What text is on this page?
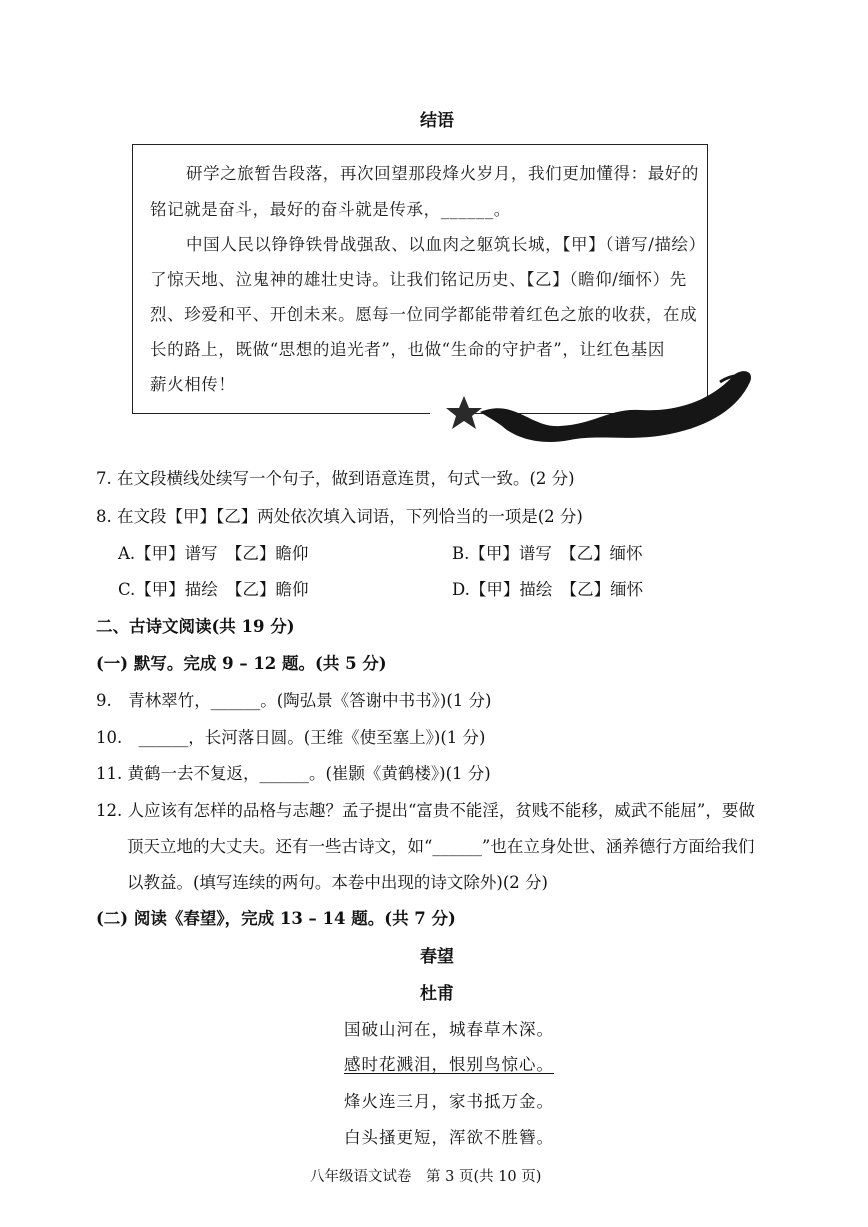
结语
研学之旅暂告段落，再次回望那段烽火岁月，我们更加懂得：最好的
铭记就是奋斗，最好的奋斗就是传承，______。
中国人民以铮铮铁骨战强敌、以血肉之躯筑长城，【甲】（谱写/描绘）
了惊天地、泣鬼神的雄壮史诗。让我们铭记历史、【乙】（瞻仰/缅怀）先
烈、珍爱和平、开创未来。愿每一位同学都能带着红色之旅的收获，在成
长的路上，既做“思想的追光者”，也做“生命的守护者”，让红色基因
薪火相传！
7. 在文段横线处续写一个句子，做到语意连贯，句式一致。(2 分)
8. 在文段【甲】【乙】两处依次填入词语，下列恰当的一项是(2 分)
A.【甲】谱写　【乙】瞻仰	B.【甲】谱写　【乙】缅怀
C.【甲】描绘　【乙】瞻仰	D.【甲】描绘　【乙】缅怀
二、古诗文阅读(共 19 分)
(一) 默写。完成 9 – 12 题。(共 5 分)
9.　青林翠竹，______。(陶弘景《答谢中书书》)(1 分)
10.　______，长河落日圆。(王维《使至塞上》)(1 分)
11. 黄鹤一去不复返，______。(崔颢《黄鹤楼》)(1 分)
12. 人应该有怎样的品格与志趣？孟子提出“富贵不能淫，贫贱不能移，威武不能屈”，要做
顶天立地的大丈夫。还有一些古诗文，如“______”也在立身处世、涵养德行方面给我们
以教益。(填写连续的两句。本卷中出现的诗文除外)(2 分)
(二) 阅读《春望》，完成 13 – 14 题。(共 7 分)
春望
杜甫
国破山河在，城春草木深。
感时花溅泪，恨别鸟惊心。
烽火连三月，家书抵万金。
白头搔更短，浑欲不胜簪。
八年级语文试卷　第 3 页(共 10 页)
